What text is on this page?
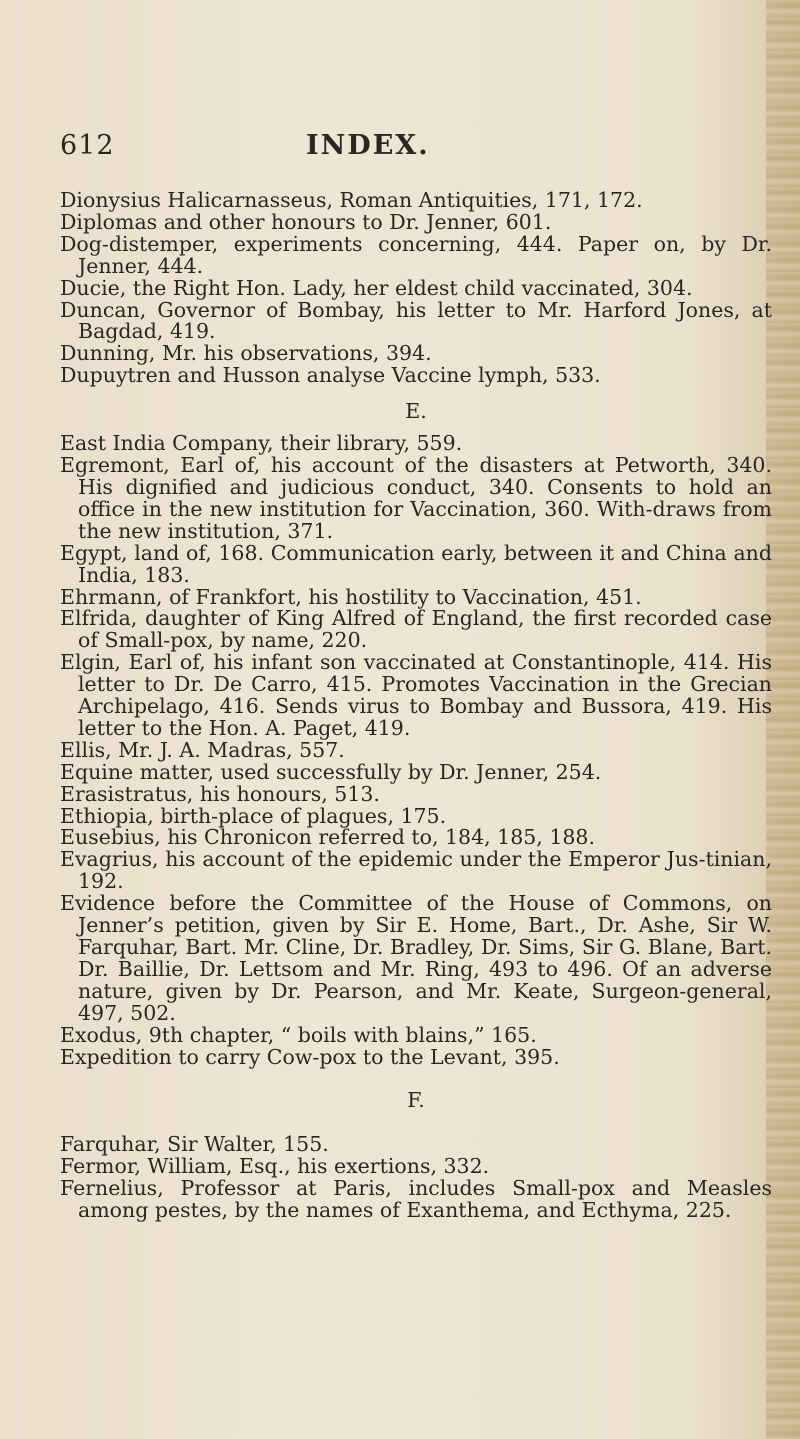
612	INDEX.

Dionysius Halicarnasseus, Roman Antiquities, 171, 172.

Diplomas and other honours to Dr. Jenner, 601.

Dog-distemper, experiments concerning, 444. Paper on, by Dr. Jenner, 444.

Ducie, the Right Hon. Lady, her eldest child vaccinated, 304.

Duncan, Governor of Bombay, his letter to Mr. Harford Jones, at Bagdad, 419.

Dunning, Mr. his observations, 394.

Dupuytren and Husson analyse Vaccine lymph, 533.

E.

East India Company, their library, 559.

Egremont, Earl of, his account of the disasters at Petworth, 340. His dignified and judicious conduct, 340. Consents to hold an office in the new institution for Vaccination, 360. With-draws from the new institution, 371.

Egypt, land of, 168. Communication early, between it and China and India, 183.

Ehrmann, of Frankfort, his hostility to Vaccination, 451.

Elfrida, daughter of King Alfred of England, the first recorded case of Small-pox, by name, 220.

Elgin, Earl of, his infant son vaccinated at Constantinople, 414. His letter to Dr. De Carro, 415. Promotes Vaccination in the Grecian Archipelago, 416. Sends virus to Bombay and Bussora, 419. His letter to the Hon. A. Paget, 419.

Ellis, Mr. J. A. Madras, 557.

Equine matter, used successfully by Dr. Jenner, 254.

Erasistratus, his honours, 513.

Ethiopia, birth-place of plagues, 175.

Eusebius, his Chronicon referred to, 184, 185, 188.

Evagrius, his account of the epidemic under the Emperor Jus-tinian, 192.

Evidence before the Committee of the House of Commons, on Jenner’s petition, given by Sir E. Home, Bart., Dr. Ashe, Sir W. Farquhar, Bart. Mr. Cline, Dr. Bradley, Dr. Sims, Sir G. Blane, Bart. Dr. Baillie, Dr. Lettsom and Mr. Ring, 493 to 496. Of an adverse nature, given by Dr. Pearson, and Mr. Keate, Surgeon-general, 497, 502.

Exodus, 9th chapter, “ boils with blains,” 165.

Expedition to carry Cow-pox to the Levant, 395.

F.

Farquhar, Sir Walter, 155.

Fermor, William, Esq., his exertions, 332.

Fernelius, Professor at Paris, includes Small-pox and Measles among pestes, by the names of Exanthema, and Ecthyma, 225.
